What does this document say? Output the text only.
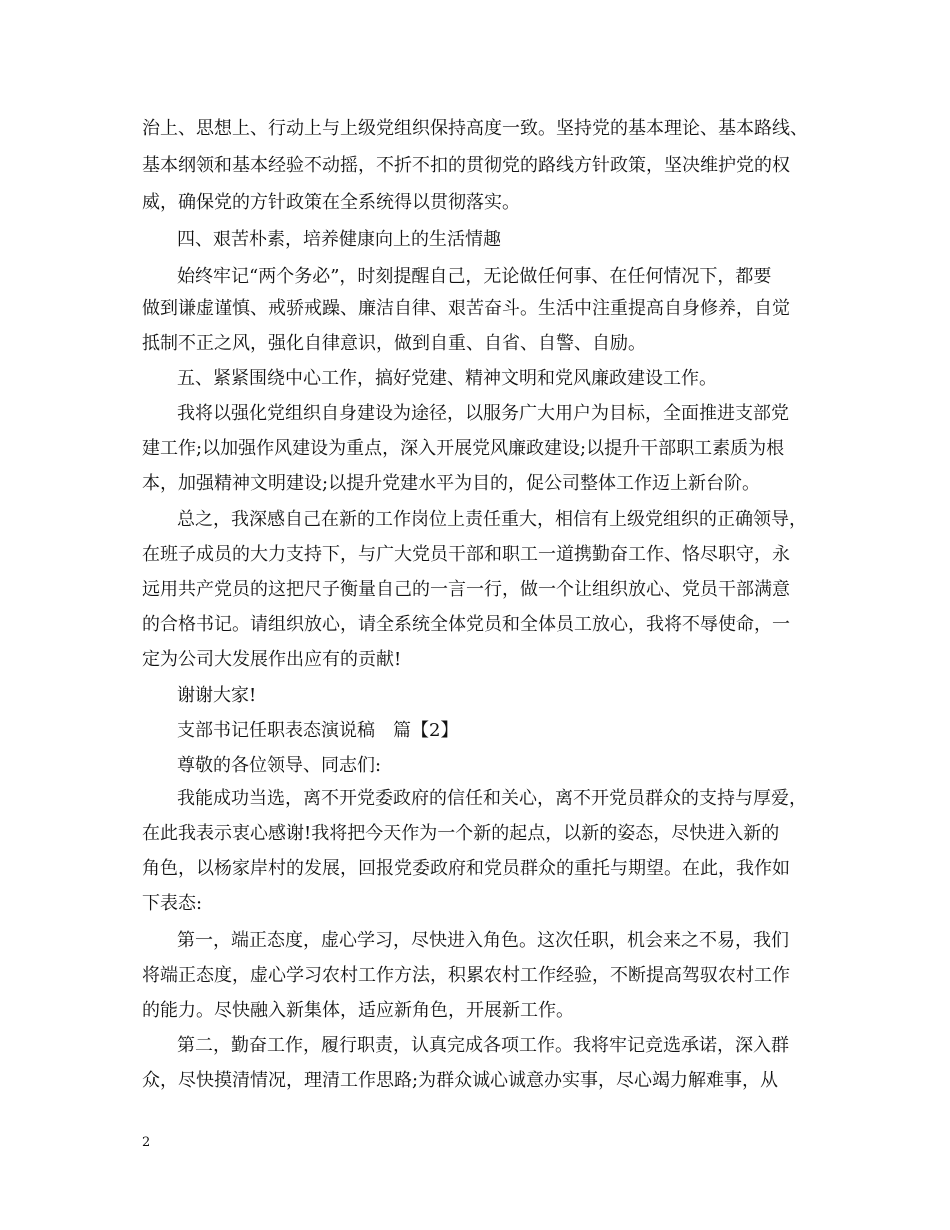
治上、思想上、行动上与上级党组织保持高度一致。坚持党的基本理论、基本路线、
基本纲领和基本经验不动摇，不折不扣的贯彻党的路线方针政策，坚决维护党的权
威，确保党的方针政策在全系统得以贯彻落实。
四、艰苦朴素，培养健康向上的生活情趣
始终牢记“两个务必”，时刻提醒自己，无论做任何事、在任何情况下，都要
做到谦虚谨慎、戒骄戒躁、廉洁自律、艰苦奋斗。生活中注重提高自身修养，自觉
抵制不正之风，强化自律意识，做到自重、自省、自警、自励。
五、紧紧围绕中心工作，搞好党建、精神文明和党风廉政建设工作。
我将以强化党组织自身建设为途径，以服务广大用户为目标，全面推进支部党
建工作;以加强作风建设为重点，深入开展党风廉政建设;以提升干部职工素质为根
本，加强精神文明建设;以提升党建水平为目的，促公司整体工作迈上新台阶。
总之，我深感自己在新的工作岗位上责任重大，相信有上级党组织的正确领导，
在班子成员的大力支持下，与广大党员干部和职工一道携勤奋工作、恪尽职守，永
远用共产党员的这把尺子衡量自己的一言一行，做一个让组织放心、党员干部满意
的合格书记。请组织放心，请全系统全体党员和全体员工放心，我将不辱使命，一
定为公司大发展作出应有的贡献!
谢谢大家!
支部书记任职表态演说稿　篇【2】
尊敬的各位领导、同志们:
我能成功当选，离不开党委政府的信任和关心，离不开党员群众的支持与厚爱，
在此我表示衷心感谢!我将把今天作为一个新的起点，以新的姿态，尽快进入新的
角色，以杨家岸村的发展，回报党委政府和党员群众的重托与期望。在此，我作如
下表态:
第一，端正态度，虚心学习，尽快进入角色。这次任职，机会来之不易，我们
将端正态度，虚心学习农村工作方法，积累农村工作经验，不断提高驾驭农村工作
的能力。尽快融入新集体，适应新角色，开展新工作。
第二，勤奋工作，履行职责，认真完成各项工作。我将牢记竞选承诺，深入群
众，尽快摸清情况，理清工作思路;为群众诚心诚意办实事，尽心竭力解难事，从
2
